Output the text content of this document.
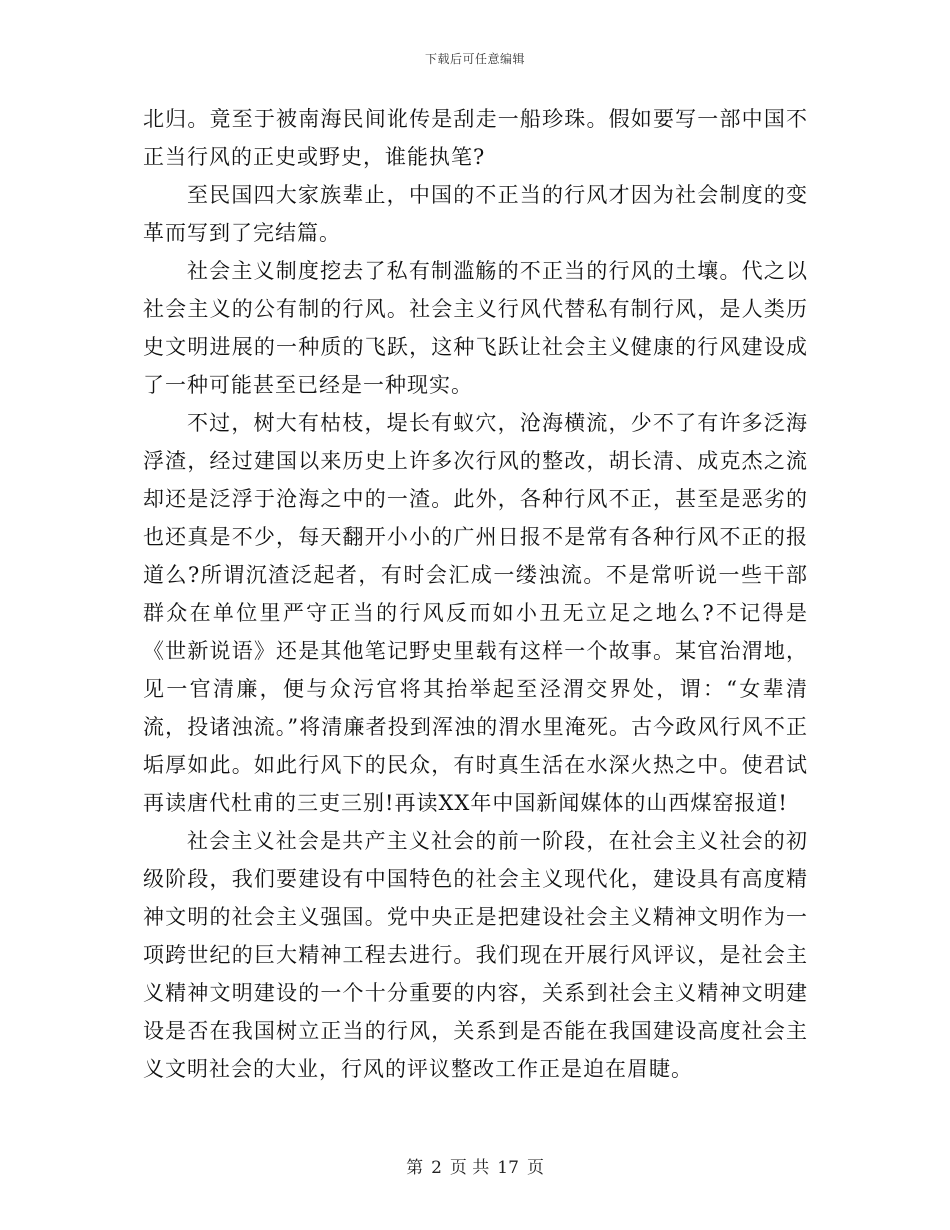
下载后可任意编辑

北归。竟至于被南海民间讹传是刮走一船珍珠。假如要写一部中国不正当行风的正史或野史，谁能执笔?

至民国四大家族辈止，中国的不正当的行风才因为社会制度的变革而写到了完结篇。

社会主义制度挖去了私有制滥觞的不正当的行风的土壤。代之以社会主义的公有制的行风。社会主义行风代替私有制行风，是人类历史文明进展的一种质的飞跃，这种飞跃让社会主义健康的行风建设成了一种可能甚至已经是一种现实。

不过，树大有枯枝，堤长有蚁穴，沧海横流，少不了有许多泛海浮渣，经过建国以来历史上许多次行风的整改，胡长清、成克杰之流却还是泛浮于沧海之中的一渣。此外，各种行风不正，甚至是恶劣的也还真是不少，每天翻开小小的广州日报不是常有各种行风不正的报道么?所谓沉渣泛起者，有时会汇成一缕浊流。不是常听说一些干部群众在单位里严守正当的行风反而如小丑无立足之地么?不记得是《世新说语》还是其他笔记野史里载有这样一个故事。某官治渭地，见一官清廉，便与众污官将其抬举起至泾渭交界处，谓：“女辈清流，投诸浊流。”将清廉者投到浑浊的渭水里淹死。古今政风行风不正垢厚如此。如此行风下的民众，有时真生活在水深火热之中。使君试再读唐代杜甫的三吏三别!再读XX年中国新闻媒体的山西煤窑报道!

社会主义社会是共产主义社会的前一阶段，在社会主义社会的初级阶段，我们要建设有中国特色的社会主义现代化，建设具有高度精神文明的社会主义强国。党中央正是把建设社会主义精神文明作为一项跨世纪的巨大精神工程去进行。我们现在开展行风评议，是社会主义精神文明建设的一个十分重要的内容，关系到社会主义精神文明建设是否在我国树立正当的行风，关系到是否能在我国建设高度社会主义文明社会的大业，行风的评议整改工作正是迫在眉睫。

第 2 页 共 17 页
